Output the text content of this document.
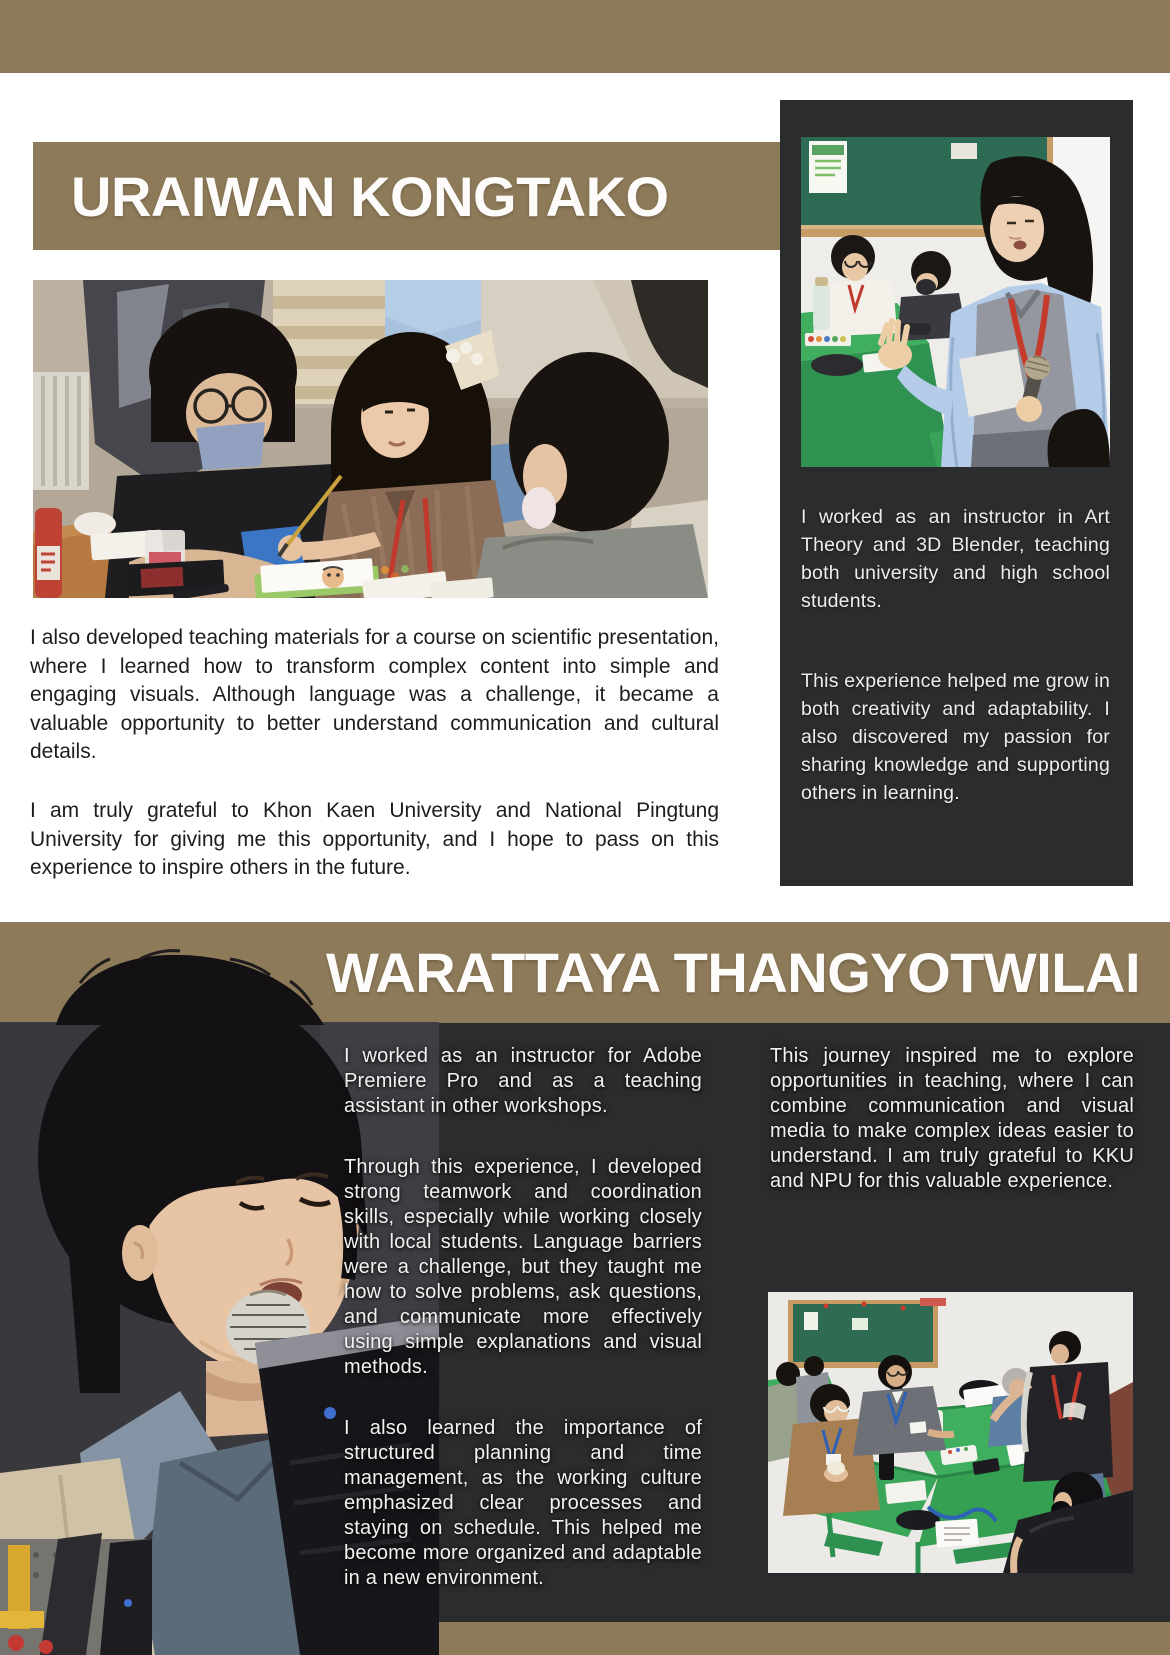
URAIWAN KONGTAKO

I also developed teaching materials for a course on scientific presentation, where I learned how to transform complex content into simple and engaging visuals. Although language was a challenge, it became a valuable opportunity to better understand communication and cultural details.

I am truly grateful to Khon Kaen University and National Pingtung University for giving me this opportunity, and I hope to pass on this experience to inspire others in the future.

I worked as an instructor in Art Theory and 3D Blender, teaching both university and high school students.

This experience helped me grow in both creativity and adaptability. I also discovered my passion for sharing knowledge and supporting others in learning.

WARATTAYA THANGYOTWILAI

I worked as an instructor for Adobe Premiere Pro and as a teaching assistant in other workshops.

Through this experience, I developed strong teamwork and coordination skills, especially while working closely with local students. Language barriers were a challenge, but they taught me how to solve problems, ask questions, and communicate more effectively using simple explanations and visual methods.

I also learned the importance of structured planning and time management, as the working culture emphasized clear processes and staying on schedule. This helped me become more organized and adaptable in a new environment.

This journey inspired me to explore opportunities in teaching, where I can combine communication and visual media to make complex ideas easier to understand. I am truly grateful to KKU and NPU for this valuable experience.
